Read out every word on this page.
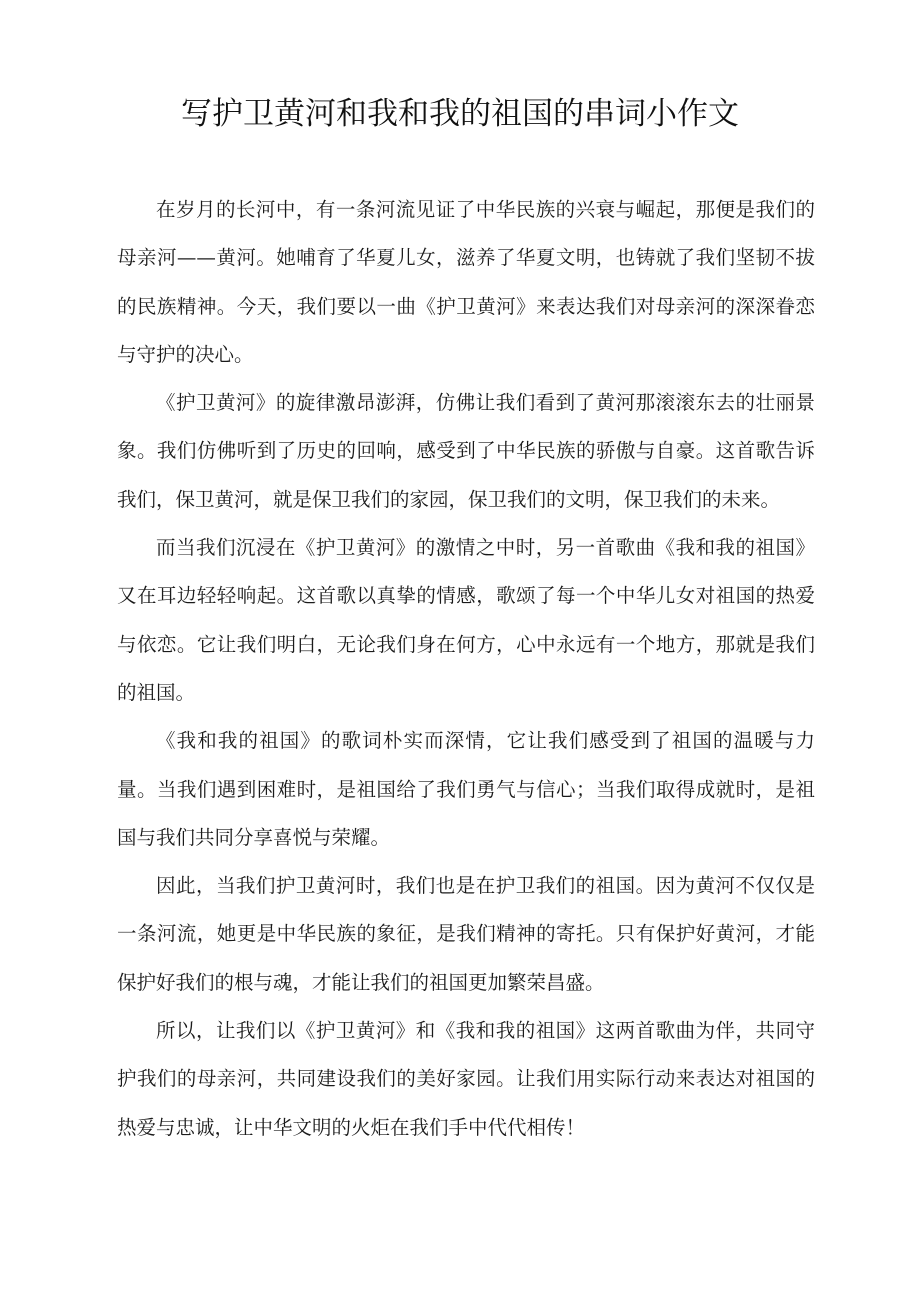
写护卫黄河和我和我的祖国的串词小作文

在岁月的长河中，有一条河流见证了中华民族的兴衰与崛起，那便是我们的母亲河——黄河。她哺育了华夏儿女，滋养了华夏文明，也铸就了我们坚韧不拔的民族精神。今天，我们要以一曲《护卫黄河》来表达我们对母亲河的深深眷恋与守护的决心。

《护卫黄河》的旋律激昂澎湃，仿佛让我们看到了黄河那滚滚东去的壮丽景象。我们仿佛听到了历史的回响，感受到了中华民族的骄傲与自豪。这首歌告诉我们，保卫黄河，就是保卫我们的家园，保卫我们的文明，保卫我们的未来。

而当我们沉浸在《护卫黄河》的激情之中时，另一首歌曲《我和我的祖国》又在耳边轻轻响起。这首歌以真挚的情感，歌颂了每一个中华儿女对祖国的热爱与依恋。它让我们明白，无论我们身在何方，心中永远有一个地方，那就是我们的祖国。

《我和我的祖国》的歌词朴实而深情，它让我们感受到了祖国的温暖与力量。当我们遇到困难时，是祖国给了我们勇气与信心；当我们取得成就时，是祖国与我们共同分享喜悦与荣耀。

因此，当我们护卫黄河时，我们也是在护卫我们的祖国。因为黄河不仅仅是一条河流，她更是中华民族的象征，是我们精神的寄托。只有保护好黄河，才能保护好我们的根与魂，才能让我们的祖国更加繁荣昌盛。

所以，让我们以《护卫黄河》和《我和我的祖国》这两首歌曲为伴，共同守护我们的母亲河，共同建设我们的美好家园。让我们用实际行动来表达对祖国的热爱与忠诚，让中华文明的火炬在我们手中代代相传！
